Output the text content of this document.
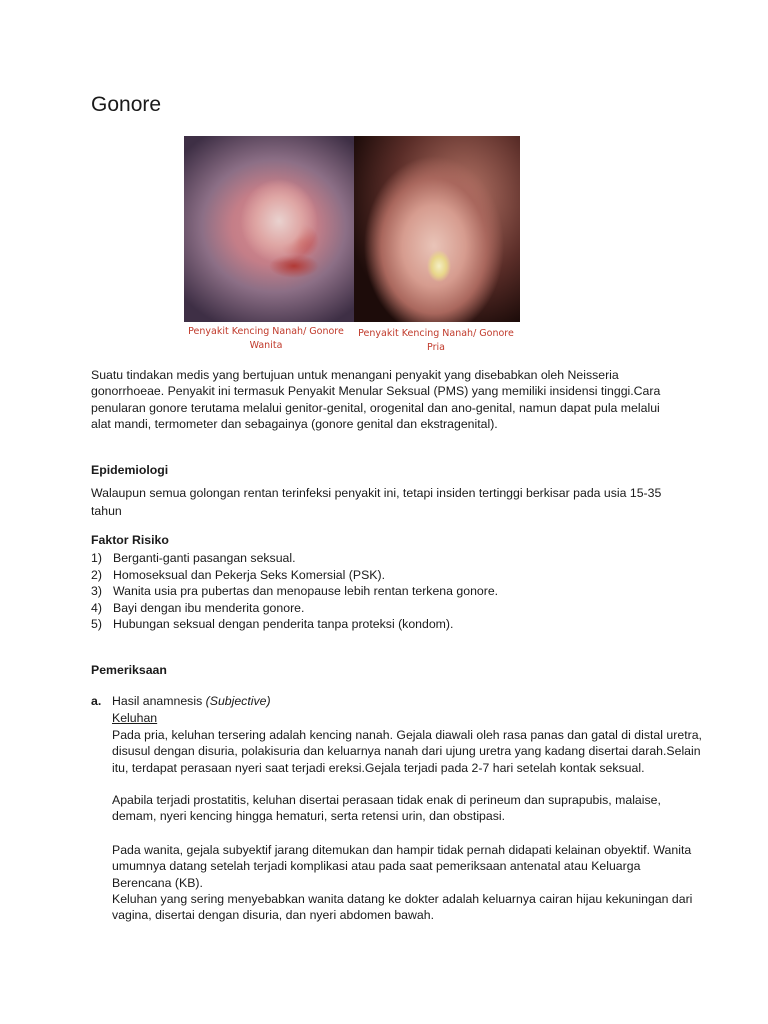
Gonore
Penyakit Kencing Nanah/ Gonore
Wanita
Penyakit Kencing Nanah/ Gonore
Pria

Suatu tindakan medis yang bertujuan untuk menangani penyakit yang disebabkan oleh Neisseria gonorrhoeae. Penyakit ini termasuk Penyakit Menular Seksual (PMS) yang memiliki insidensi tinggi.Cara penularan gonore terutama melalui genitor-genital, orogenital dan ano-genital, namun dapat pula melalui alat mandi, termometer dan sebagainya (gonore genital dan ekstragenital).

Epidemiologi

Walaupun semua golongan rentan terinfeksi penyakit ini, tetapi insiden tertinggi berkisar pada usia 15-35 tahun

Faktor Risiko
1) Berganti-ganti pasangan seksual.
2) Homoseksual dan Pekerja Seks Komersial (PSK).
3) Wanita usia pra pubertas dan menopause lebih rentan terkena gonore.
4) Bayi dengan ibu menderita gonore.
5) Hubungan seksual dengan penderita tanpa proteksi (kondom).
Pemeriksaan
a. Hasil anamnesis (Subjective)
Keluhan

Pada pria, keluhan tersering adalah kencing nanah. Gejala diawali oleh rasa panas dan gatal di distal uretra, disusul dengan disuria, polakisuria dan keluarnya nanah dari ujung uretra yang kadang disertai darah.Selain itu, terdapat perasaan nyeri saat terjadi ereksi.Gejala terjadi pada 2-7 hari setelah kontak seksual.

Apabila terjadi prostatitis, keluhan disertai perasaan tidak enak di perineum dan suprapubis, malaise, demam, nyeri kencing hingga hematuri, serta retensi urin, dan obstipasi.

Pada wanita, gejala subyektif jarang ditemukan dan hampir tidak pernah didapati kelainan obyektif. Wanita umumnya datang setelah terjadi komplikasi atau pada saat pemeriksaan antenatal atau Keluarga Berencana (KB).

Keluhan yang sering menyebabkan wanita datang ke dokter adalah keluarnya cairan hijau kekuningan dari vagina, disertai dengan disuria, dan nyeri abdomen bawah.
